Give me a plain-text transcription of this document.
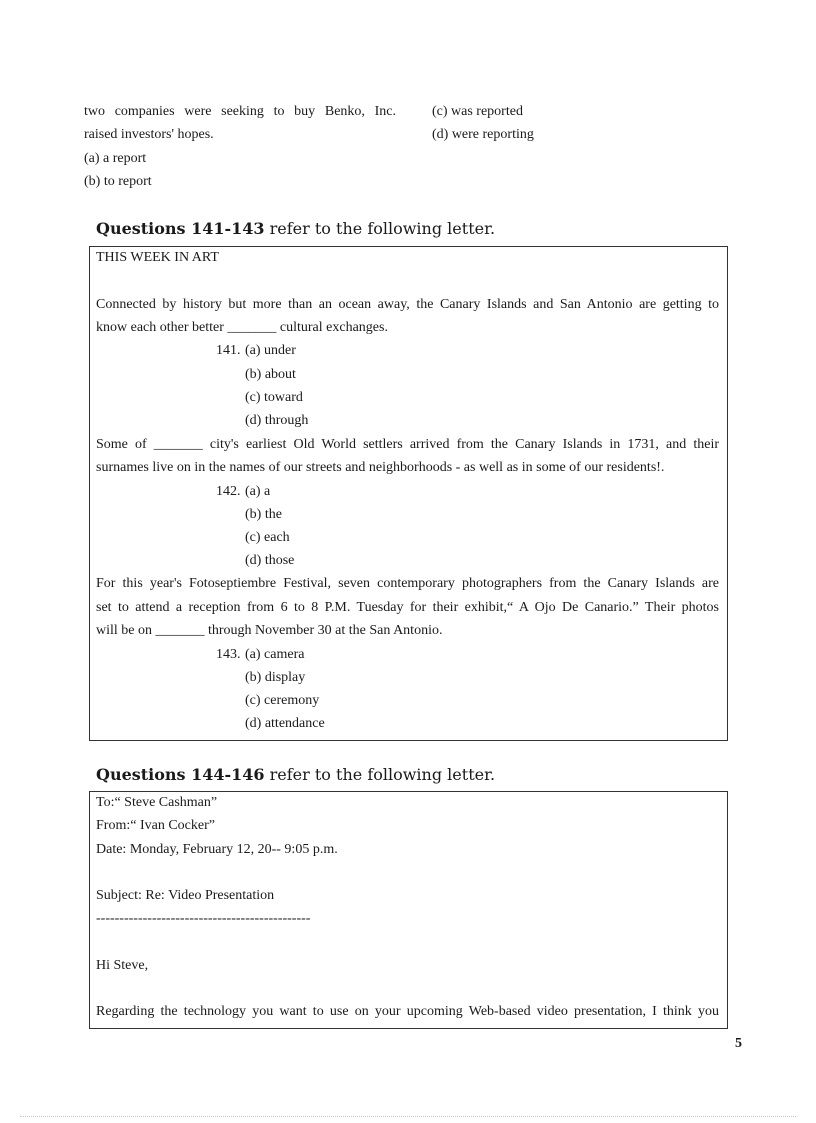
two companies were seeking to buy Benko, Inc.
raised investors' hopes.
(a) a report
(b) to report
(c) was reported
(d) were reporting
Questions 141-143 refer to the following letter.
THIS WEEK IN ART
Connected by history but more than an ocean away, the Canary Islands and San Antonio are getting to
know each other better _______ cultural exchanges.
141. (a) under
(b) about
(c) toward
(d) through
Some of _______ city's earliest Old World settlers arrived from the Canary Islands in 1731, and their
surnames live on in the names of our streets and neighborhoods - as well as in some of our residents!.
142. (a) a
(b) the
(c) each
(d) those
For this year's Fotoseptiembre Festival, seven contemporary photographers from the Canary Islands are
set to attend a reception from 6 to 8 P.M. Tuesday for their exhibit,“ A Ojo De Canario.” Their photos
will be on _______ through November 30 at the San Antonio.
143. (a) camera
(b) display
(c) ceremony
(d) attendance
Questions 144-146 refer to the following letter.
To:“ Steve Cashman”
From:“ Ivan Cocker”
Date: Monday, February 12, 20-- 9:05 p.m.
Subject: Re: Video Presentation
----------------------------------------------
Hi Steve,
Regarding the technology you want to use on your upcoming Web-based video presentation, I think you
5
